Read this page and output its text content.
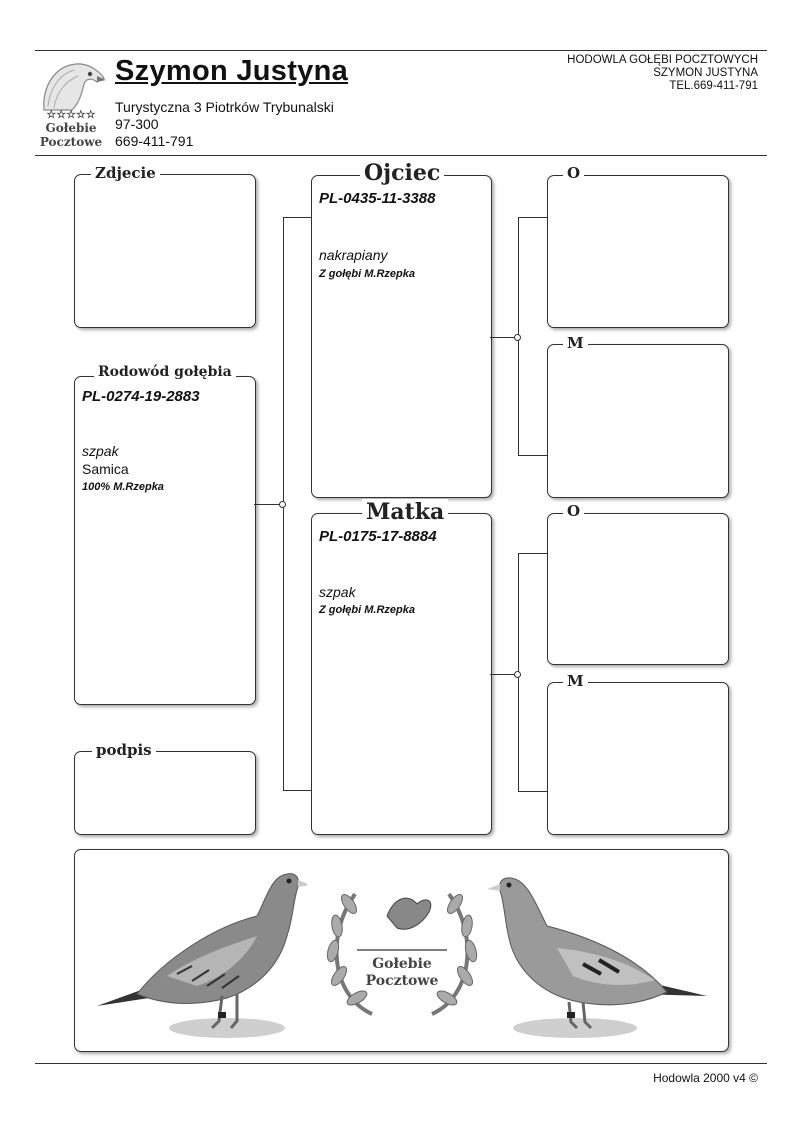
☆☆☆☆☆
Gołebie
Pocztowe
Szymon Justyna
Turystyczna 3 Piotrków Trybunalski
97-300
669-411-791
HODOWLA GOŁĘBI POCZTOWYCH
SZYMON JUSTYNA
TEL.669-411-791
Zdjecie
Rodowód gołębia
PL-0274-19-2883
szpak
Samica
100% M.Rzepka
podpis
Ojciec
PL-0435-11-3388
nakrapiany
Z gołębi M.Rzepka
Matka
PL-0175-17-8884
szpak
Z gołębi M.Rzepka
O
M
O
M
Gołebie
Pocztowe
Hodowla 2000 v4 ©
